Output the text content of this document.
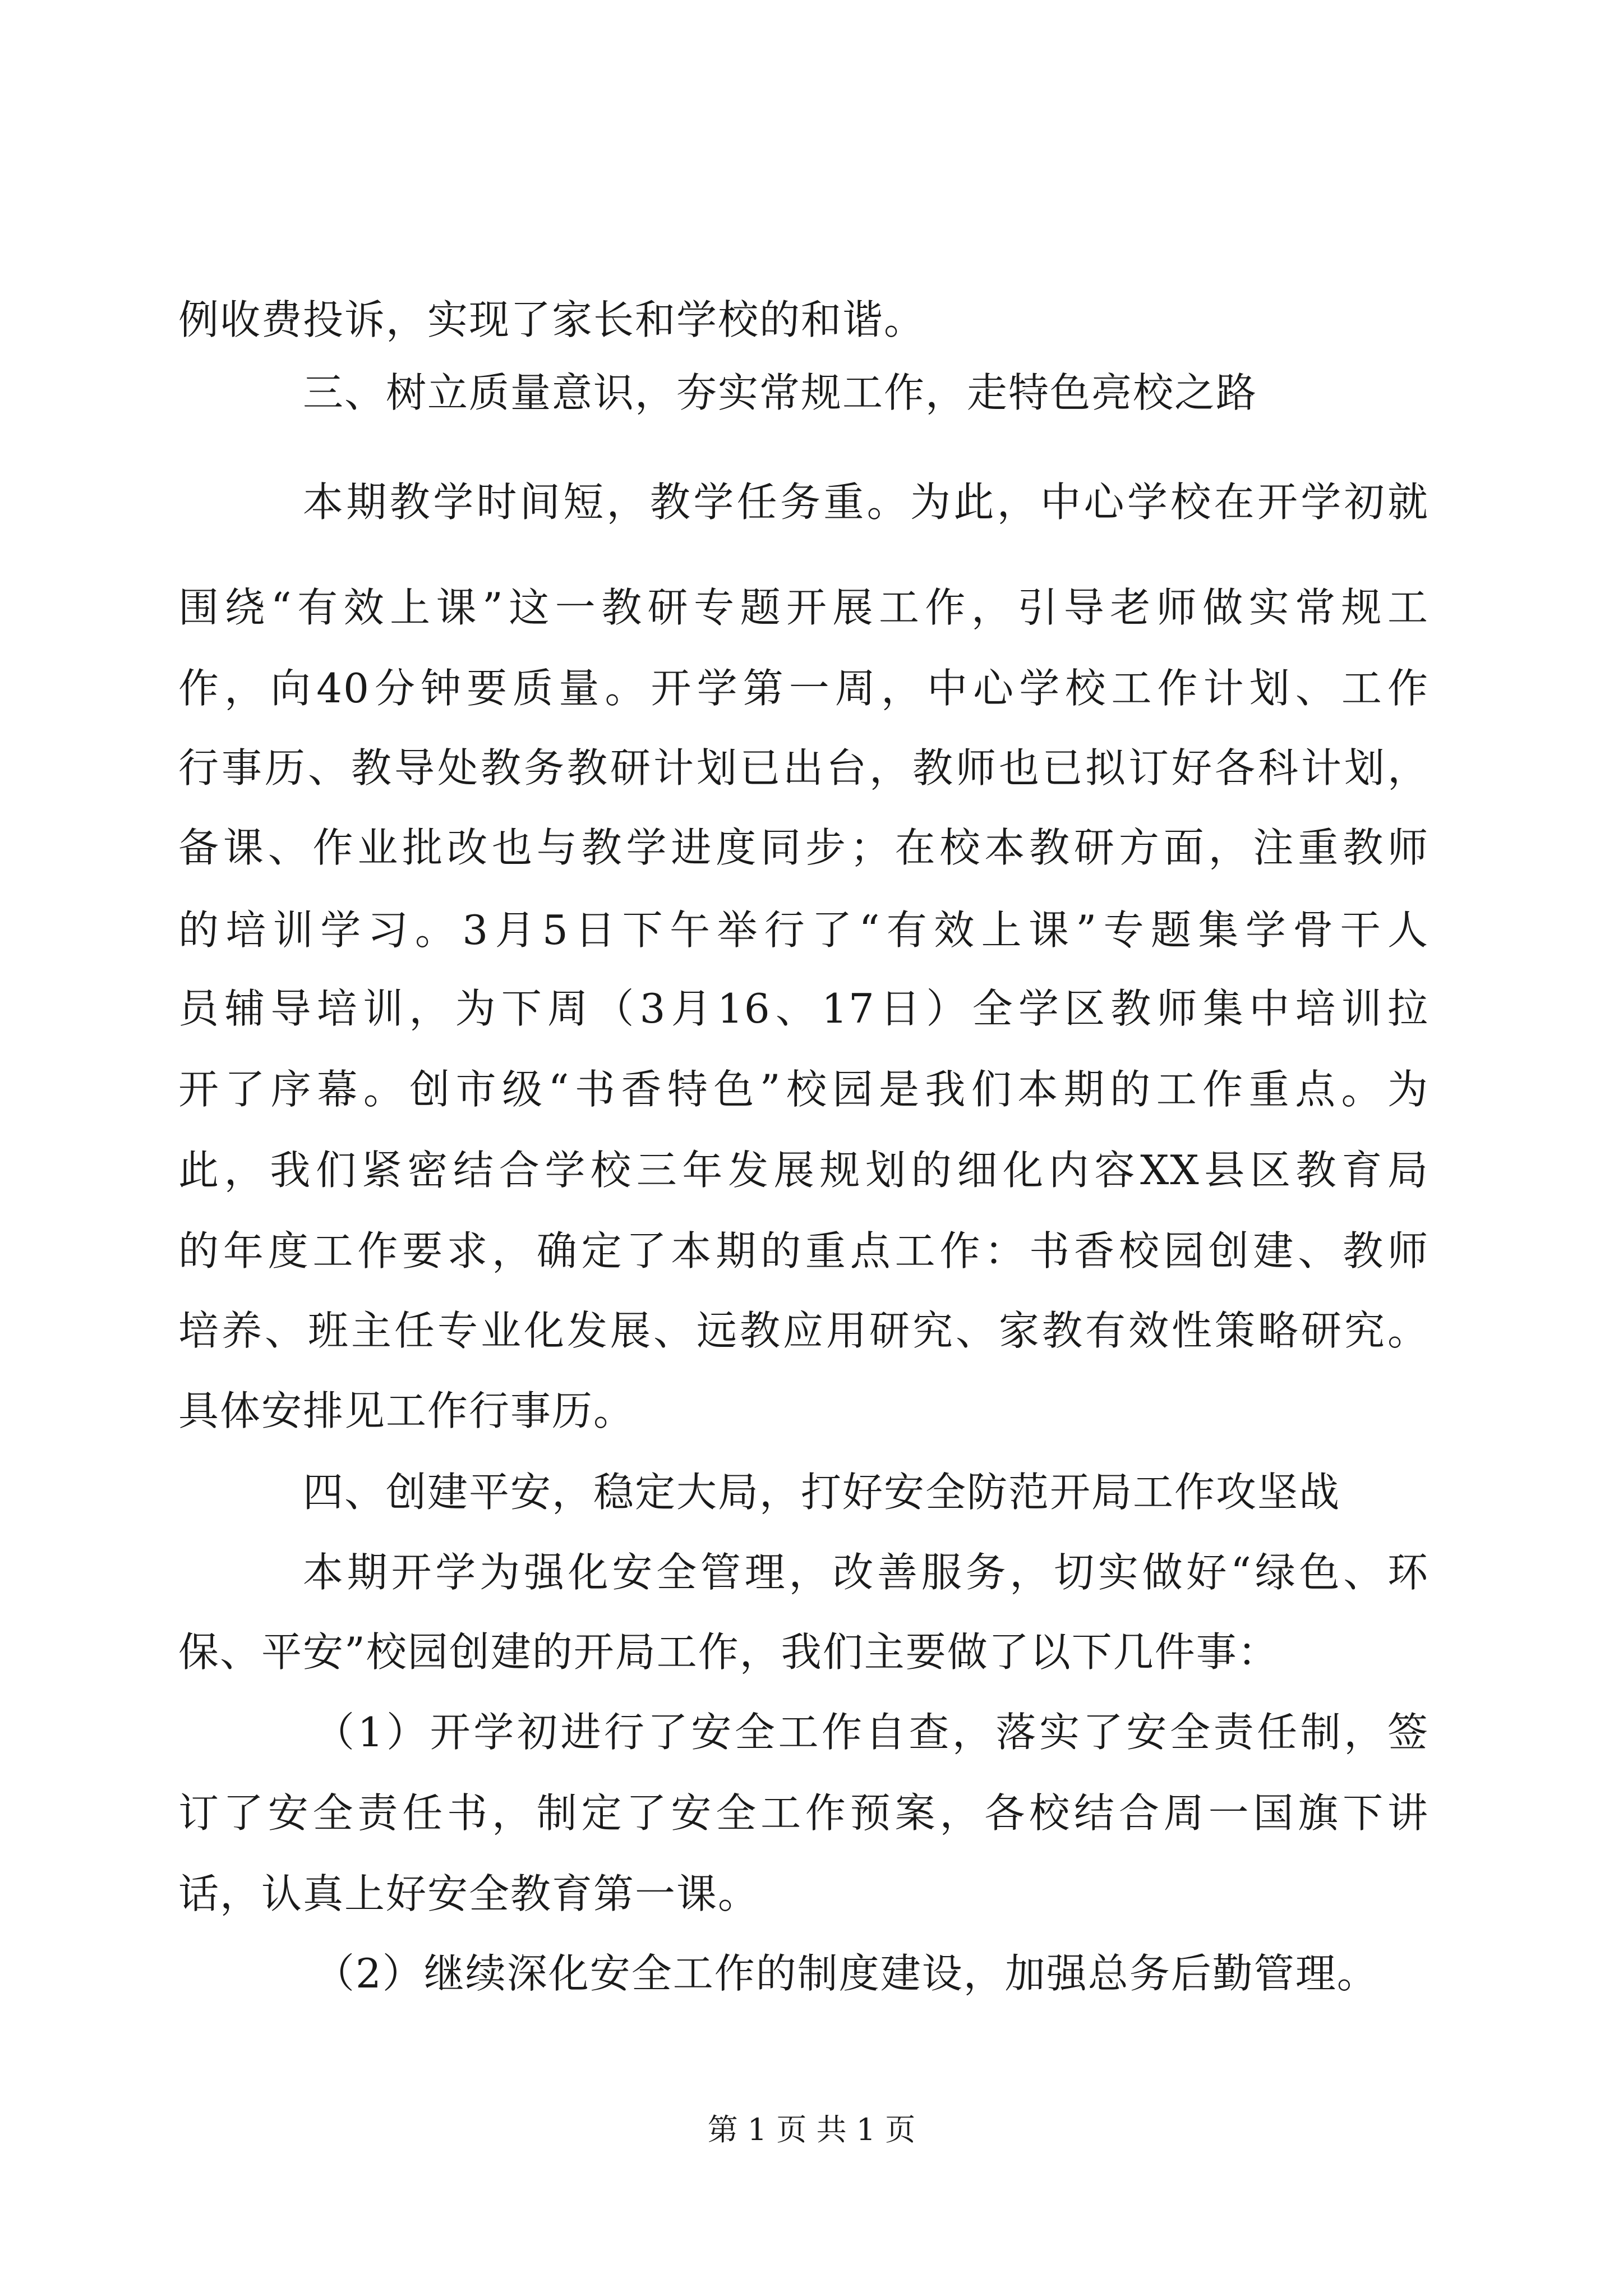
例收费投诉，实现了家长和学校的和谐。
三、树立质量意识，夯实常规工作，走特色亮校之路
本期教学时间短，教学任务重。为此，中心学校在开学初就
围绕“有效上课”这一教研专题开展工作，引导老师做实常规工
作，向40分钟要质量。开学第一周，中心学校工作计划、工作
行事历、教导处教务教研计划已出台，教师也已拟订好各科计划，
备课、作业批改也与教学进度同步；在校本教研方面，注重教师
的培训学习。3月5日下午举行了“有效上课”专题集学骨干人
员辅导培训，为下周（3月16、17日）全学区教师集中培训拉
开了序幕。创市级“书香特色”校园是我们本期的工作重点。为
此，我们紧密结合学校三年发展规划的细化内容XX县区教育局
的年度工作要求，确定了本期的重点工作：书香校园创建、教师
培养、班主任专业化发展、远教应用研究、家教有效性策略研究。
具体安排见工作行事历。
四、创建平安，稳定大局，打好安全防范开局工作攻坚战
本期开学为强化安全管理，改善服务，切实做好“绿色、环
保、平安”校园创建的开局工作，我们主要做了以下几件事：
（1）开学初进行了安全工作自查，落实了安全责任制，签
订了安全责任书，制定了安全工作预案，各校结合周一国旗下讲
话，认真上好安全教育第一课。
（2）继续深化安全工作的制度建设，加强总务后勤管理。
第 1 页 共 1 页
